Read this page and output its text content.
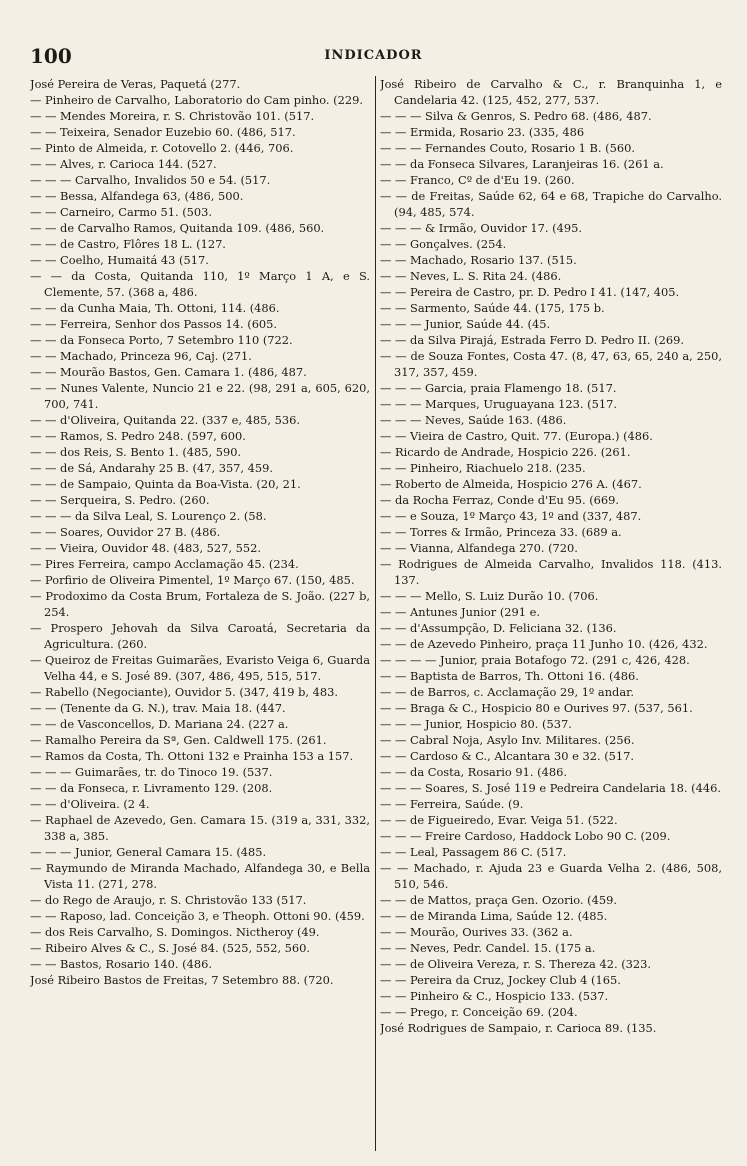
100	INDICADOR

José Pereira de Veras, Paquetá (277.

— Pinheiro de Carvalho, Laboratorio do Cam pinho. (229.

— — Mendes Moreira, r. S. Christovão 101. (517.

— — Teixeira, Senador Euzebio 60. (486, 517.

— Pinto de Almeida, r. Cotovello 2. (446, 706.

— — Alves, r. Carioca 144. (527.

— — — Carvalho, Invalidos 50 e 54. (517.

— — Bessa, Alfandega 63, (486, 500.

— — Carneiro, Carmo 51. (503.

— — de Carvalho Ramos, Quitanda 109. (486, 560.

— — de Castro, Flôres 18 L. (127.

— — Coelho, Humaitá 43 (517.

— — da Costa, Quitanda 110, 1º Março 1 A, e S. Clemente, 57. (368 a, 486.

— — da Cunha Maia, Th. Ottoni, 114. (486.

— — Ferreira, Senhor dos Passos 14. (605.

— — da Fonseca Porto, 7 Setembro 110 (722.

— — Machado, Princeza 96, Caj. (271.

— — Mourão Bastos, Gen. Camara 1. (486, 487.

— — Nunes Valente, Nuncio 21 e 22. (98, 291 a, 605, 620, 700, 741.

— — d'Oliveira, Quitanda 22. (337 e, 485, 536.

— — Ramos, S. Pedro 248. (597, 600.

— — dos Reis, S. Bento 1. (485, 590.

— — de Sá, Andarahy 25 B. (47, 357, 459.

— — de Sampaio, Quinta da Boa-Vista. (20, 21.

— — Serqueira, S. Pedro. (260.

— — — da Silva Leal, S. Lourenço 2. (58.

— — Soares, Ouvidor 27 B. (486.

— — Vieira, Ouvidor 48. (483, 527, 552.

— Pires Ferreira, campo Acclamação 45. (234.

— Porfirio de Oliveira Pimentel, 1º Março 67. (150, 485.

— Prodoximo da Costa Brum, Fortaleza de S. João. (227 b, 254.

— Prospero Jehovah da Silva Caroatá, Secretaria da Agricultura. (260.

— Queiroz de Freitas Guimarães, Evaristo Veiga 6, Guarda Velha 44, e S. José 89. (307, 486, 495, 515, 517.

— Rabello (Negociante), Ouvidor 5. (347, 419 b, 483.

— — (Tenente da G. N.), trav. Maia 18. (447.

— — de Vasconcellos, D. Mariana 24. (227 a.

— Ramalho Pereira da Sª, Gen. Caldwell 175. (261.

— Ramos da Costa, Th. Ottoni 132 e Prainha 153 a 157.

— — — Guimarães, tr. do Tinoco 19. (537.

— — da Fonseca, r. Livramento 129. (208.

— — d'Oliveira. (2 4.

— Raphael de Azevedo, Gen. Camara 15. (319 a, 331, 332, 338 a, 385.

— — — Junior, General Camara 15. (485.

— Raymundo de Miranda Machado, Alfandega 30, e Bella Vista 11. (271, 278.

— do Rego de Araujo, r. S. Christovão 133 (517.

— — Raposo, lad. Conceição 3, e Theoph. Ottoni 90. (459.

— dos Reis Carvalho, S. Domingos. Nictheroy (49.

— Ribeiro Alves & C., S. José 84. (525, 552, 560.

— — Bastos, Rosario 140. (486.

José Ribeiro Bastos de Freitas, 7 Setembro 88. (720.

José Ribeiro de Carvalho & C., r. Branquinha 1, e Candelaria 42. (125, 452, 277, 537.

— — — Silva & Genros, S. Pedro 68. (486, 487.

— — Ermida, Rosario 23. (335, 486

— — — Fernandes Couto, Rosario 1 B. (560.

— — da Fonseca Silvares, Laranjeiras 16. (261 a.

— — Franco, Cº de d'Eu 19. (260.

— — de Freitas, Saúde 62, 64 e 68, Trapiche do Carvalho. (94, 485, 574.

— — — & Irmão, Ouvidor 17. (495.

— — Gonçalves. (254.

— — Machado, Rosario 137. (515.

— — Neves, L. S. Rita 24. (486.

— — Pereira de Castro, pr. D. Pedro I 41. (147, 405.

— — Sarmento, Saúde 44. (175, 175 b.

— — — Junior, Saúde 44. (45.

— — da Silva Pirajá, Estrada Ferro D. Pedro II. (269.

— — de Souza Fontes, Costa 47. (8, 47, 63, 65, 240 a, 250, 317, 357, 459.

— — — Garcia, praia Flamengo 18. (517.

— — — Marques, Uruguayana 123. (517.

— — — Neves, Saúde 163. (486.

— — Vieira de Castro, Quit. 77. (Europa.) (486.

— Ricardo de Andrade, Hospicio 226. (261.

— — Pinheiro, Riachuelo 218. (235.

— Roberto de Almeida, Hospicio 276 A. (467.

— da Rocha Ferraz, Conde d'Eu 95. (669.

— — e Souza, 1º Março 43, 1º and (337, 487.

— — Torres & Irmão, Princeza 33. (689 a.

— — Vianna, Alfandega 270. (720.

— Rodrigues de Almeida Carvalho, Invalidos 118. (413. 137.

— — — Mello, S. Luiz Durão 10. (706.

— — Antunes Junior (291 e.

— — d'Assumpção, D. Feliciana 32. (136.

— — de Azevedo Pinheiro, praça 11 Junho 10. (426, 432.

— — — — Junior, praia Botafogo 72. (291 c, 426, 428.

— — Baptista de Barros, Th. Ottoni 16. (486.

— — de Barros, c. Acclamação 29, 1º andar.

— — Braga & C., Hospicio 80 e Ourives 97. (537, 561.

— — — Junior, Hospicio 80. (537.

— — Cabral Noja, Asylo Inv. Militares. (256.

— — Cardoso & C., Alcantara 30 e 32. (517.

— — da Costa, Rosario 91. (486.

— — — Soares, S. José 119 e Pedreira Candelaria 18. (446.

— — Ferreira, Saúde. (9.

— — de Figueiredo, Evar. Veiga 51. (522.

— — — Freire Cardoso, Haddock Lobo 90 C. (209.

— — Leal, Passagem 86 C. (517.

— — Machado, r. Ajuda 23 e Guarda Velha 2. (486, 508, 510, 546.

— — de Mattos, praça Gen. Ozorio. (459.

— — de Miranda Lima, Saúde 12. (485.

— — Mourão, Ourives 33. (362 a.

— — Neves, Pedr. Candel. 15. (175 a.

— — de Oliveira Vereza, r. S. Thereza 42. (323.

— — Pereira da Cruz, Jockey Club 4 (165.

— — Pinheiro & C., Hospicio 133. (537.

— — Prego, r. Conceição 69. (204.

José Rodrigues de Sampaio, r. Carioca 89. (135.
